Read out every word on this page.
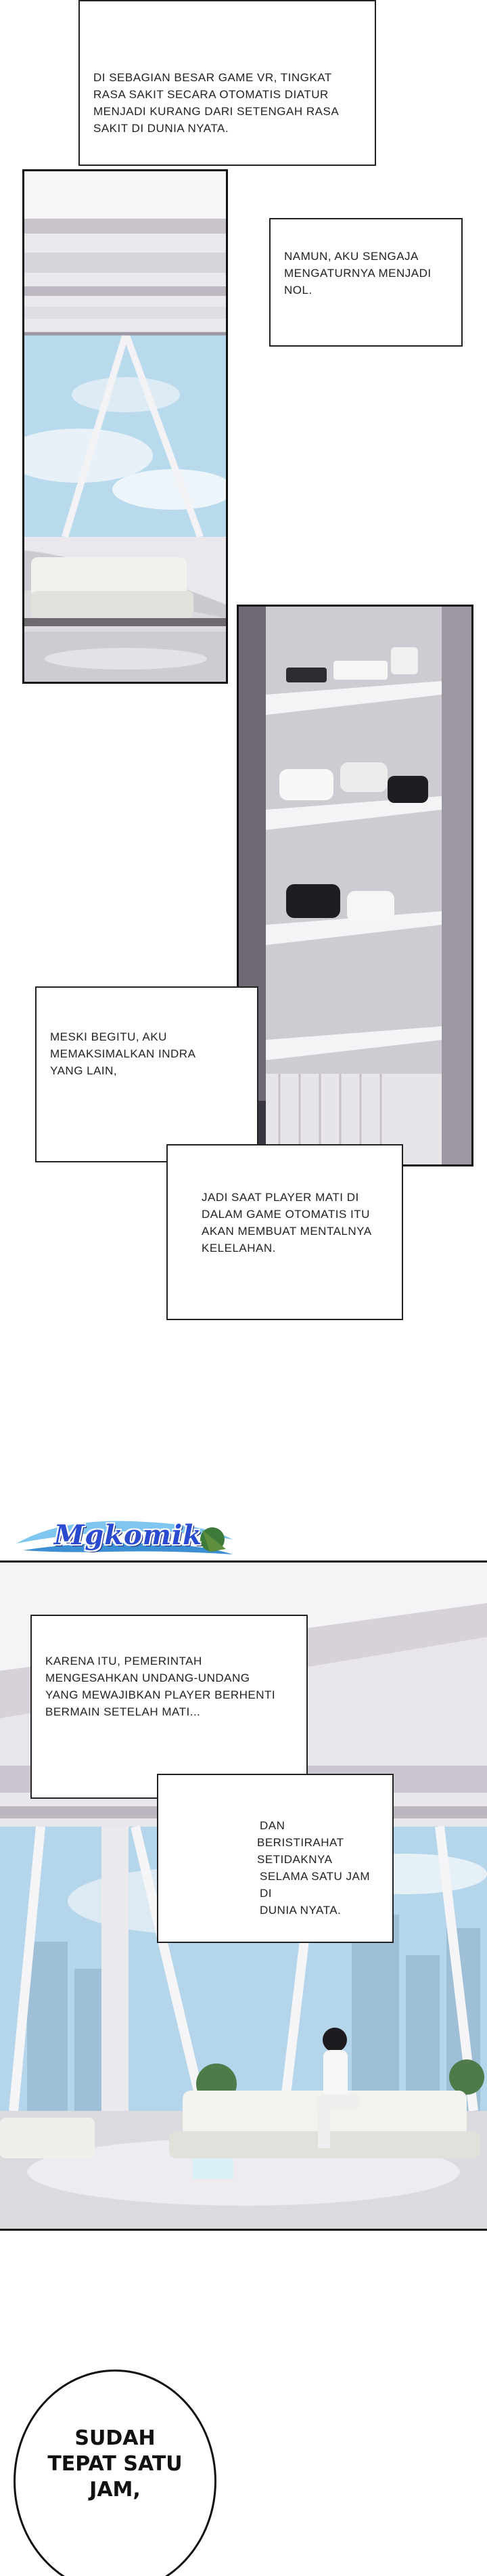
DI SEBAGIAN BESAR GAME VR, TINGKAT
RASA SAKIT SECARA OTOMATIS DIATUR
MENJADI KURANG DARI SETENGAH RASA
SAKIT DI DUNIA NYATA.
NAMUN, AKU SENGAJA
MENGATURNYA MENJADI
NOL.
MESKI BEGITU, AKU
MEMAKSIMALKAN INDRA
YANG LAIN,
JADI SAAT PLAYER MATI DI
DALAM GAME OTOMATIS ITU
AKAN MEMBUAT MENTALNYA
KELELAHAN.
Mgkomik
KARENA ITU, PEMERINTAH
MENGESAHKAN UNDANG-UNDANG
YANG MEWAJIBKAN PLAYER BERHENTI
BERMAIN SETELAH MATI...
DAN
BERISTIRAHAT SETIDAKNYA
SELAMA SATU JAM DI
DUNIA NYATA.
SUDAH
TEPAT SATU
JAM,
